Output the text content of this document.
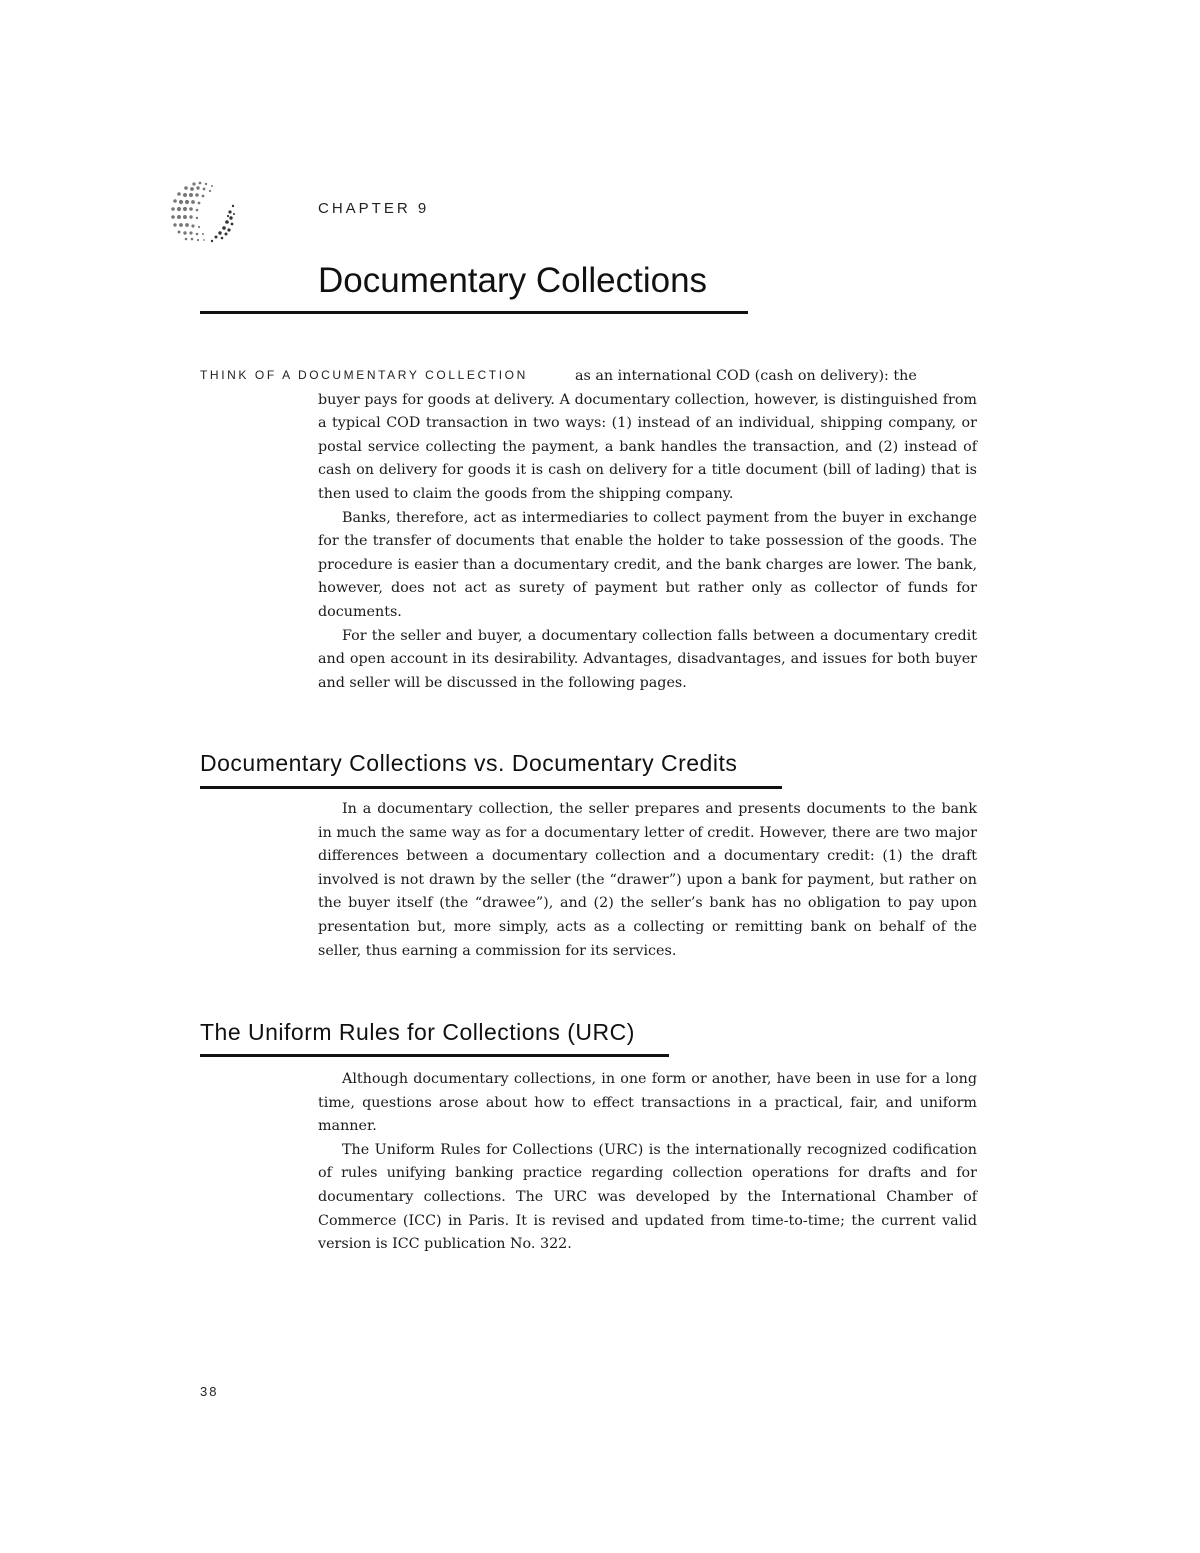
CHAPTER 9
Documentary Collections
THINK OF A DOCUMENTARY COLLECTION	as an international COD (cash on delivery): the

buyer pays for goods at delivery. A documentary collection, however, is distinguished from a typical COD transaction in two ways: (1) instead of an individual, shipping company, or postal service collecting the payment, a bank handles the transaction, and (2) instead of cash on delivery for goods it is cash on delivery for a title document (bill of lading) that is then used to claim the goods from the shipping company.

Banks, therefore, act as intermediaries to collect payment from the buyer in exchange for the transfer of documents that enable the holder to take possession of the goods. The procedure is easier than a documentary credit, and the bank charges are lower. The bank, however, does not act as surety of payment but rather only as collector of funds for documents.

For the seller and buyer, a documentary collection falls between a documentary credit and open account in its desirability. Advantages, disadvantages, and issues for both buyer and seller will be discussed in the following pages.

Documentary Collections vs. Documentary Credits

In a documentary collection, the seller prepares and presents documents to the bank in much the same way as for a documentary letter of credit. However, there are two major differences between a documentary collection and a documentary credit: (1) the draft involved is not drawn by the seller (the “drawer”) upon a bank for payment, but rather on the buyer itself (the “drawee”), and (2) the seller’s bank has no obligation to pay upon presentation but, more simply, acts as a collecting or remitting bank on behalf of the seller, thus earning a commission for its services.

The Uniform Rules for Collections (URC)

Although documentary collections, in one form or another, have been in use for a long time, questions arose about how to effect transactions in a practical, fair, and uniform manner.

The Uniform Rules for Collections (URC) is the internationally recognized codification of rules unifying banking practice regarding collection operations for drafts and for documentary collections. The URC was developed by the International Chamber of Commerce (ICC) in Paris. It is revised and updated from time-to-time; the current valid version is ICC publication No. 322.

38
